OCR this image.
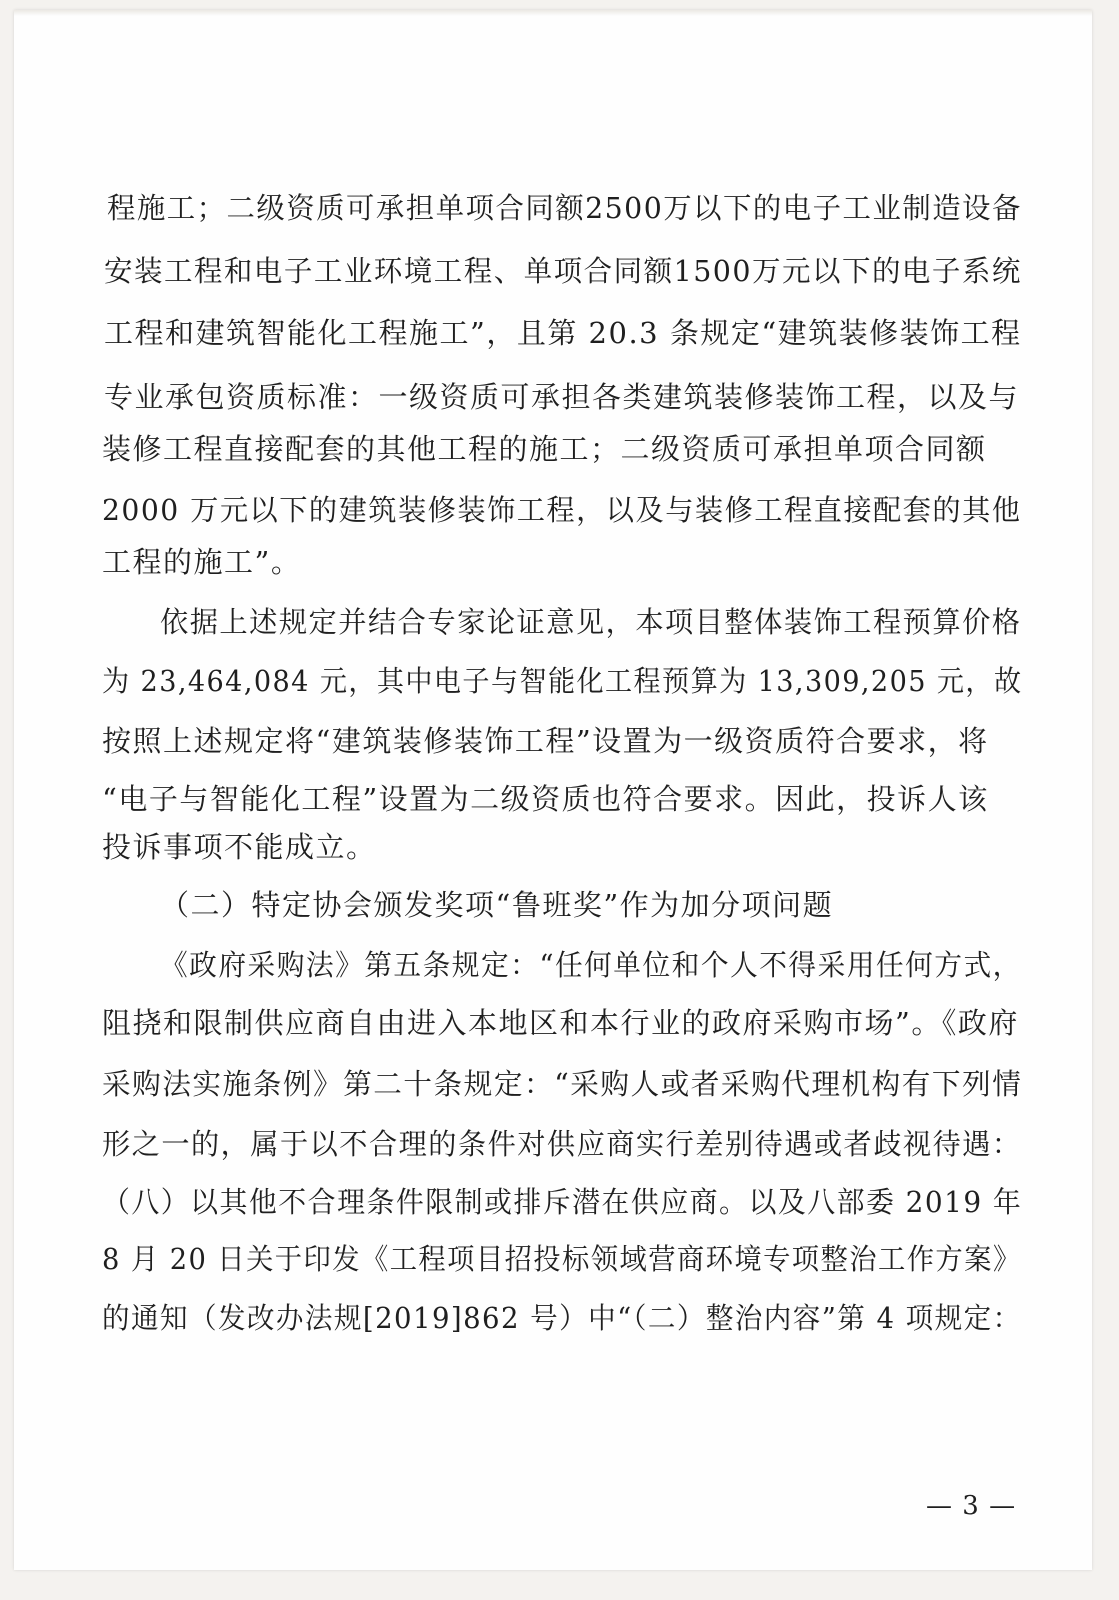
程施工；二级资质可承担单项合同额2500万以下的电子工业制造设备
安装工程和电子工业环境工程、单项合同额1500万元以下的电子系统
工程和建筑智能化工程施工”，且第 20.3 条规定“建筑装修装饰工程
专业承包资质标准：一级资质可承担各类建筑装修装饰工程，以及与
装修工程直接配套的其他工程的施工；二级资质可承担单项合同额
2000 万元以下的建筑装修装饰工程，以及与装修工程直接配套的其他
工程的施工”。
依据上述规定并结合专家论证意见，本项目整体装饰工程预算价格
为 23,464,084 元，其中电子与智能化工程预算为 13,309,205 元，故
按照上述规定将“建筑装修装饰工程”设置为一级资质符合要求，将
“电子与智能化工程”设置为二级资质也符合要求。因此，投诉人该
投诉事项不能成立。
（二）特定协会颁发奖项“鲁班奖”作为加分项问题
《政府采购法》第五条规定：“任何单位和个人不得采用任何方式，
阻挠和限制供应商自由进入本地区和本行业的政府采购市场”。《政府
采购法实施条例》第二十条规定：“采购人或者采购代理机构有下列情
形之一的，属于以不合理的条件对供应商实行差别待遇或者歧视待遇：
（八）以其他不合理条件限制或排斥潜在供应商。以及八部委 2019 年
8 月 20 日关于印发《工程项目招投标领域营商环境专项整治工作方案》
的通知（发改办法规[2019]862 号）中“（二）整治内容”第 4 项规定：
— 3 —
